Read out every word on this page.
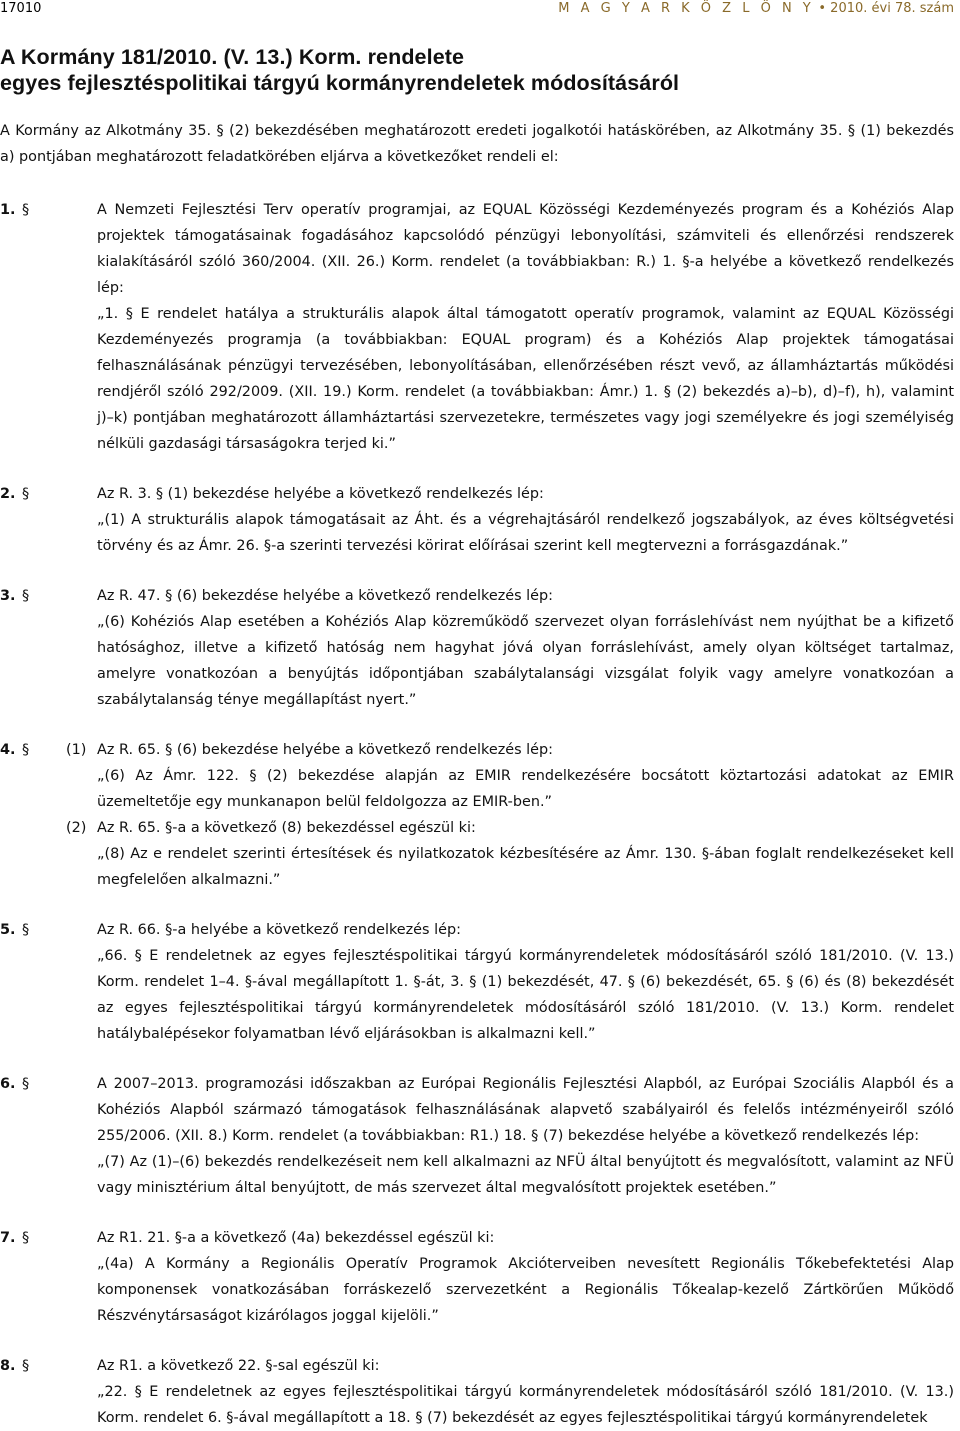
17010	M A G Y A R K Ö Z L Ö N Y • 2010. évi 78. szám
A Kormány 181/2010. (V. 13.) Korm. rendelete
egyes fejlesztéspolitikai tárgyú kormányrendeletek módosításáról
A Kormány az Alkotmány 35. § (2) bekezdésében meghatározott eredeti jogalkotói hatáskörében, az Alkotmány 35. § (1) bekezdés a) pontjában meghatározott feladatkörében eljárva a következőket rendeli el:
1. §	A Nemzeti Fejlesztési Terv operatív programjai, az EQUAL Közösségi Kezdeményezés program és a Kohéziós Alap projektek támogatásainak fogadásához kapcsolódó pénzügyi lebonyolítási, számviteli és ellenőrzési rendszerek kialakításáról szóló 360/2004. (XII. 26.) Korm. rendelet (a továbbiakban: R.) 1. §-a helyébe a következő rendelkezés lép:
„1. § E rendelet hatálya a strukturális alapok által támogatott operatív programok, valamint az EQUAL Közösségi Kezdeményezés programja (a továbbiakban: EQUAL program) és a Kohéziós Alap projektek támogatásai felhasználásának pénzügyi tervezésében, lebonyolításában, ellenőrzésében részt vevő, az államháztartás működési rendjéről szóló 292/2009. (XII. 19.) Korm. rendelet (a továbbiakban: Ámr.) 1. § (2) bekezdés a)–b), d)–f), h), valamint j)–k) pontjában meghatározott államháztartási szervezetekre, természetes vagy jogi személyekre és jogi személyiség nélküli gazdasági társaságokra terjed ki.”
2. §	Az R. 3. § (1) bekezdése helyébe a következő rendelkezés lép:
„(1) A strukturális alapok támogatásait az Áht. és a végrehajtásáról rendelkező jogszabályok, az éves költségvetési törvény és az Ámr. 26. §-a szerinti tervezési körirat előírásai szerint kell megtervezni a forrásgazdának.”
3. §	Az R. 47. § (6) bekezdése helyébe a következő rendelkezés lép:
„(6) Kohéziós Alap esetében a Kohéziós Alap közreműködő szervezet olyan forráslehívást nem nyújthat be a kifizető hatósághoz, illetve a kifizető hatóság nem hagyhat jóvá olyan forráslehívást, amely olyan költséget tartalmaz, amelyre vonatkozóan a benyújtás időpontjában szabálytalansági vizsgálat folyik vagy amelyre vonatkozóan a szabálytalanság ténye megállapítást nyert.”
4. §	(1) Az R. 65. § (6) bekezdése helyébe a következő rendelkezés lép:
„(6) Az Ámr. 122. § (2) bekezdése alapján az EMIR rendelkezésére bocsátott köztartozási adatokat az EMIR üzemeltetője egy munkanapon belül feldolgozza az EMIR-ben.”
(2) Az R. 65. §-a a következő (8) bekezdéssel egészül ki:
„(8) Az e rendelet szerinti értesítések és nyilatkozatok kézbesítésére az Ámr. 130. §-ában foglalt rendelkezéseket kell megfelelően alkalmazni.”
5. §	Az R. 66. §-a helyébe a következő rendelkezés lép:
„66. § E rendeletnek az egyes fejlesztéspolitikai tárgyú kormányrendeletek módosításáról szóló 181/2010. (V. 13.) Korm. rendelet 1–4. §-ával megállapított 1. §-át, 3. § (1) bekezdését, 47. § (6) bekezdését, 65. § (6) és (8) bekezdését az egyes fejlesztéspolitikai tárgyú kormányrendeletek módosításáról szóló 181/2010. (V. 13.) Korm. rendelet hatálybalépésekor folyamatban lévő eljárásokban is alkalmazni kell.”
6. §	A 2007–2013. programozási időszakban az Európai Regionális Fejlesztési Alapból, az Európai Szociális Alapból és a Kohéziós Alapból származó támogatások felhasználásának alapvető szabályairól és felelős intézményeiről szóló 255/2006. (XII. 8.) Korm. rendelet (a továbbiakban: R1.) 18. § (7) bekezdése helyébe a következő rendelkezés lép:
„(7) Az (1)–(6) bekezdés rendelkezéseit nem kell alkalmazni az NFÜ által benyújtott és megvalósított, valamint az NFÜ vagy minisztérium által benyújtott, de más szervezet által megvalósított projektek esetében.”
7. §	Az R1. 21. §-a a következő (4a) bekezdéssel egészül ki:
„(4a) A Kormány a Regionális Operatív Programok Akcióterveiben nevesített Regionális Tőkebefektetési Alap komponensek vonatkozásában forráskezelő szervezetként a Regionális Tőkealap-kezelő Zártkörűen Működő Részvénytársaságot kizárólagos joggal kijelöli.”
8. §	Az R1. a következő 22. §-sal egészül ki:
„22. § E rendeletnek az egyes fejlesztéspolitikai tárgyú kormányrendeletek módosításáról szóló 181/2010. (V. 13.) Korm. rendelet 6. §-ával megállapított a 18. § (7) bekezdését az egyes fejlesztéspolitikai tárgyú kormányrendeletek
